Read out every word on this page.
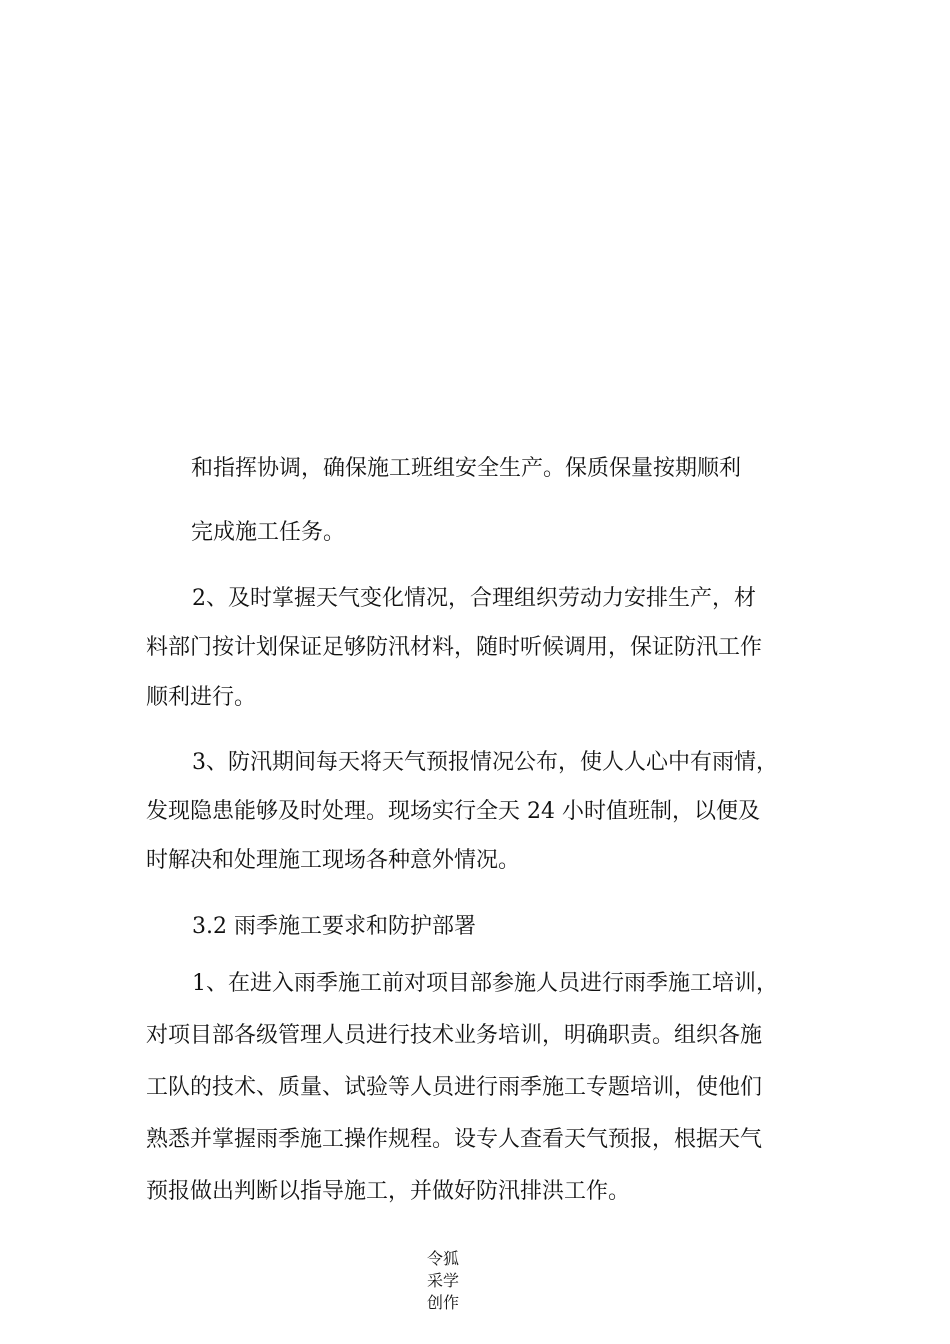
和指挥协调，确保施工班组安全生产。保质保量按期顺利
完成施工任务。
2、及时掌握天气变化情况，合理组织劳动力安排生产，材
料部门按计划保证足够防汛材料，随时听候调用，保证防汛工作
顺利进行。
3、防汛期间每天将天气预报情况公布，使人人心中有雨情，
发现隐患能够及时处理。现场实行全天 24 小时值班制，以便及
时解决和处理施工现场各种意外情况。
3.2 雨季施工要求和防护部署
1、在进入雨季施工前对项目部参施人员进行雨季施工培训，
对项目部各级管理人员进行技术业务培训，明确职责。组织各施
工队的技术、质量、试验等人员进行雨季施工专题培训，使他们
熟悉并掌握雨季施工操作规程。设专人查看天气预报，根据天气
预报做出判断以指导施工，并做好防汛排洪工作。
令狐
采学
创作
